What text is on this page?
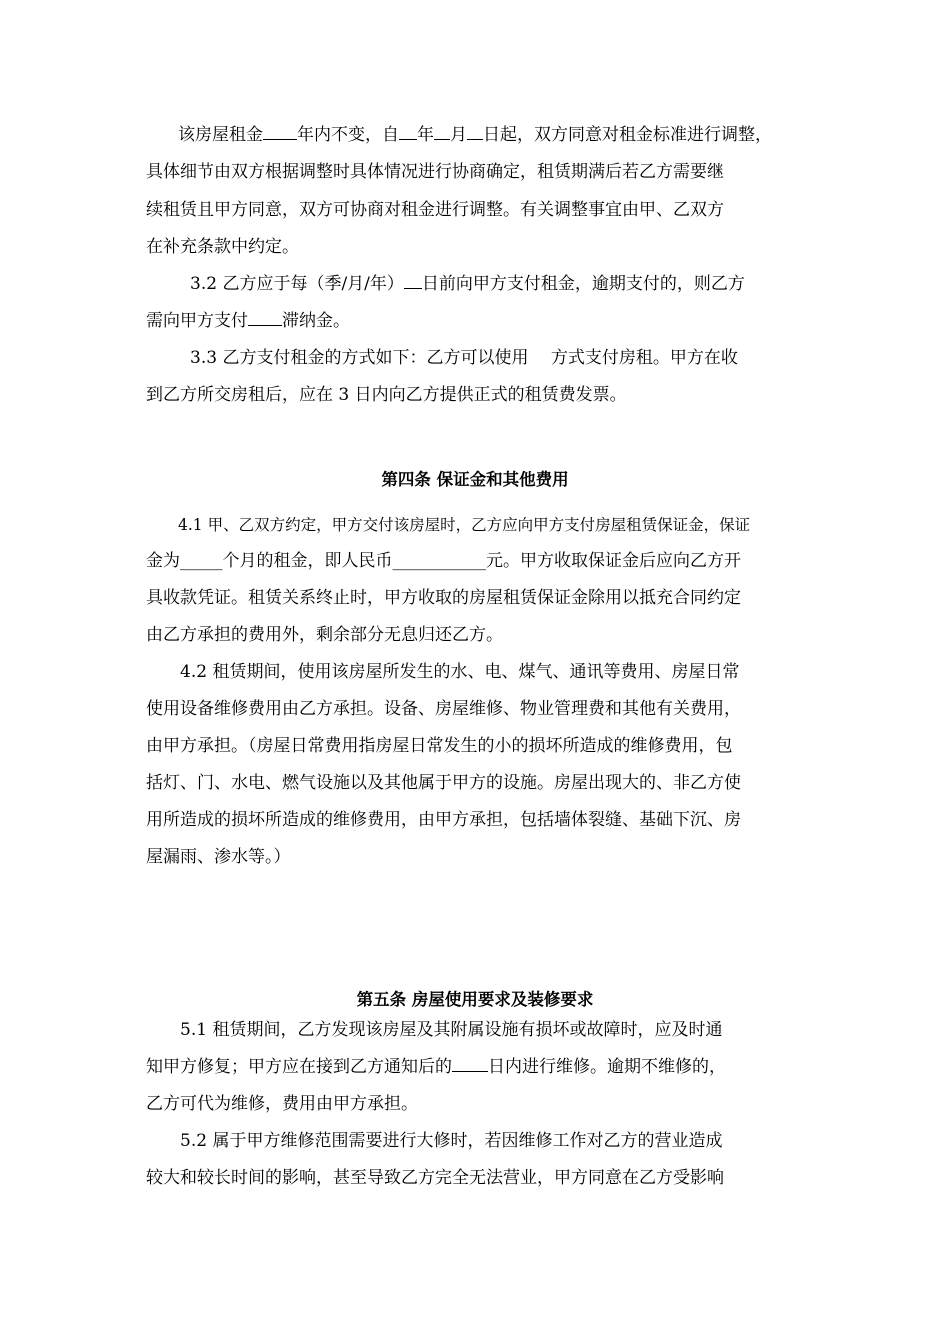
该房屋租金 年内不变，自 年 月 日起，双方同意对租金标准进行调整，
具体细节由双方根据调整时具体情况进行协商确定，租赁期满后若乙方需要继
续租赁且甲方同意，双方可协商对租金进行调整。有关调整事宜由甲、乙双方
在补充条款中约定。
3.2 乙方应于每（季/月/年） 日前向甲方支付租金，逾期支付的，则乙方
需向甲方支付 滞纳金。
3.3 乙方支付租金的方式如下：乙方可以使用　 方式支付房租。甲方在收
到乙方所交房租后，应在 3 日内向乙方提供正式的租赁费发票。
第四条 保证金和其他费用
4.1 甲、乙双方约定，甲方交付该房屋时，乙方应向甲方支付房屋租赁保证金，保证
金为_____个月的租金，即人民币___________元。甲方收取保证金后应向乙方开
具收款凭证。租赁关系终止时，甲方收取的房屋租赁保证金除用以抵充合同约定
由乙方承担的费用外，剩余部分无息归还乙方。
4.2 租赁期间，使用该房屋所发生的水、电、煤气、通讯等费用、房屋日常
使用设备维修费用由乙方承担。设备、房屋维修、物业管理费和其他有关费用，
由甲方承担。（房屋日常费用指房屋日常发生的小的损坏所造成的维修费用，包
括灯、门、水电、燃气设施以及其他属于甲方的设施。房屋出现大的、非乙方使
用所造成的损坏所造成的维修费用，由甲方承担，包括墙体裂缝、基础下沉、房
屋漏雨、渗水等。）
第五条 房屋使用要求及装修要求
5.1 租赁期间，乙方发现该房屋及其附属设施有损坏或故障时，应及时通
知甲方修复；甲方应在接到乙方通知后的 日内进行维修。逾期不维修的，
乙方可代为维修，费用由甲方承担。
5.2 属于甲方维修范围需要进行大修时，若因维修工作对乙方的营业造成
较大和较长时间的影响，甚至导致乙方完全无法营业，甲方同意在乙方受影响
